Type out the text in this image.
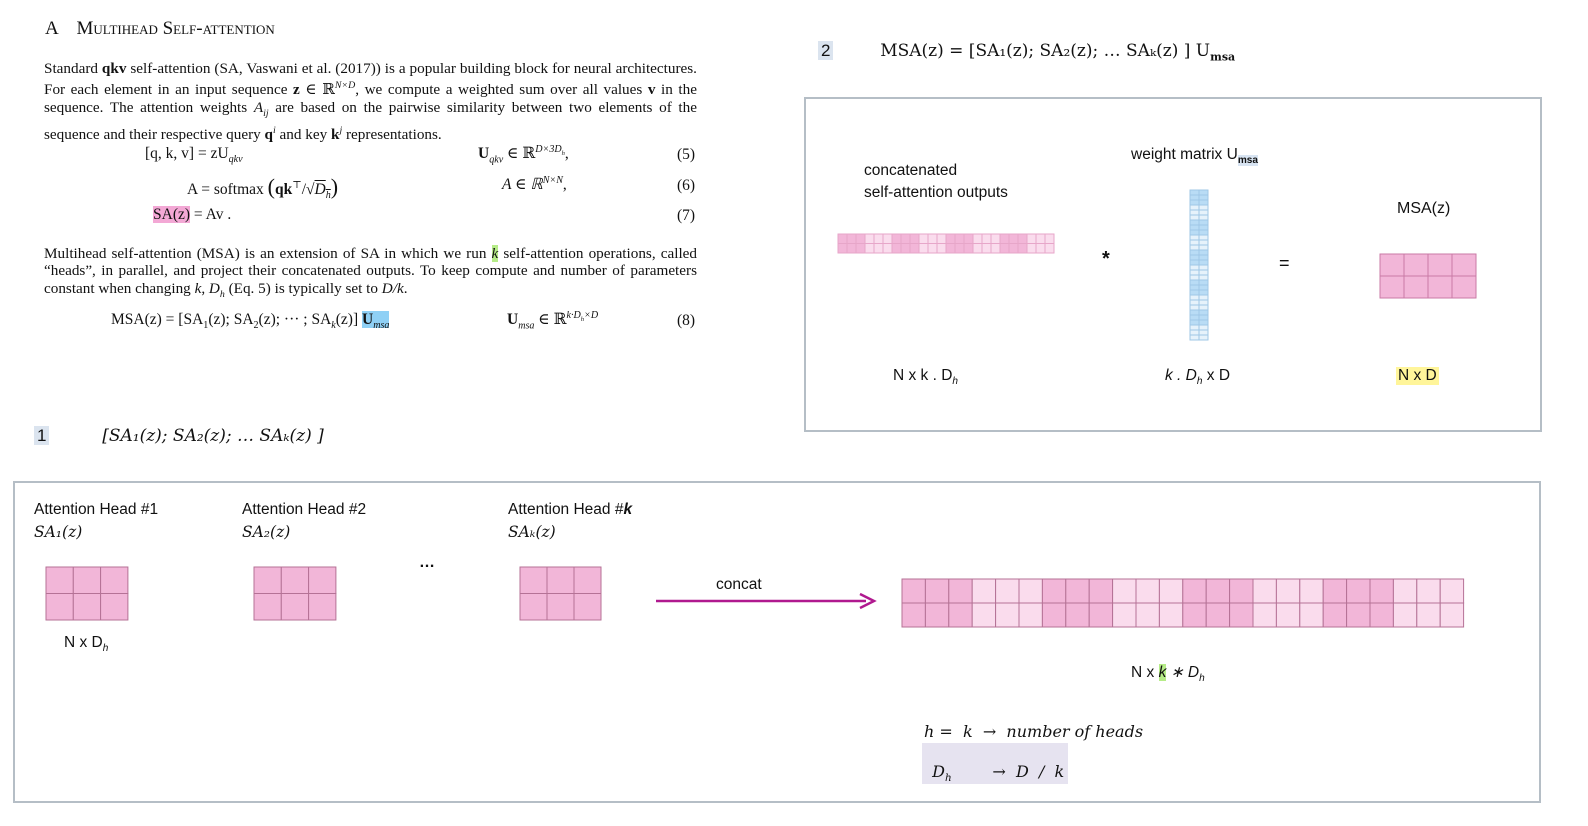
A Multihead Self-attention
Standard qkv self-attention (SA, Vaswani et al. (2017)) is a popular building block for neural architectures. For each element in an input sequence z ∈ ℝ$^{N\times D}$, we compute a weighted sum over all values v in the sequence. The attention weights $A_{ij}$ are based on the pairwise similarity between two elements of the sequence and their respective query $q^i$ and key $k^j$ representations.
[q, k, $v] = zU_{qkv}$	$U_{qkv}$ ∈ ℝ$^{D\times 3D_h}$,	(5)
A = softmax $(qk^⊤/√D_h)$	A ∈ ℝ$^{N\times N}$,	(6)
SA(z) = Av .	(7)
Multihead self-attention (MSA) is an extension of SA in which we run k self-attention operations, called “heads”, in parallel, and project their concatenated outputs. To keep compute and number of parameters constant when changing k, $D_h$ (Eq. 5) is typically set to D/k.
$MSA(z) = [SA_1(z)$; $SA_2(z)$; ··· ; $SA_k(z)$] $U_{msa}$	$U_{msa}$ ∈ ℝ$^{k\cdot D_h\times D}$	(8)
2	MSA(z) = [SA₁(z); SA₂(z); … SAₖ(z) ] $U_{msa}$
1	[SA₁(z); SA₂(z); … SAₖ(z) ]
concatenated
self-attention outputs
weight matrix $U_{msa}$
MSA(z)
*	=
N x k . $D_h$	k . $D_h$ x D	N x D
Attention Head #1
SA₁(z)
Attention Head #2
SA₂(z)
Attention Head #k
SAₖ(z)
…
N x $D_h$
concat
N x k ∗ $D_h$
h =  k  →  number of heads

$D_h$        →  D  /  k
